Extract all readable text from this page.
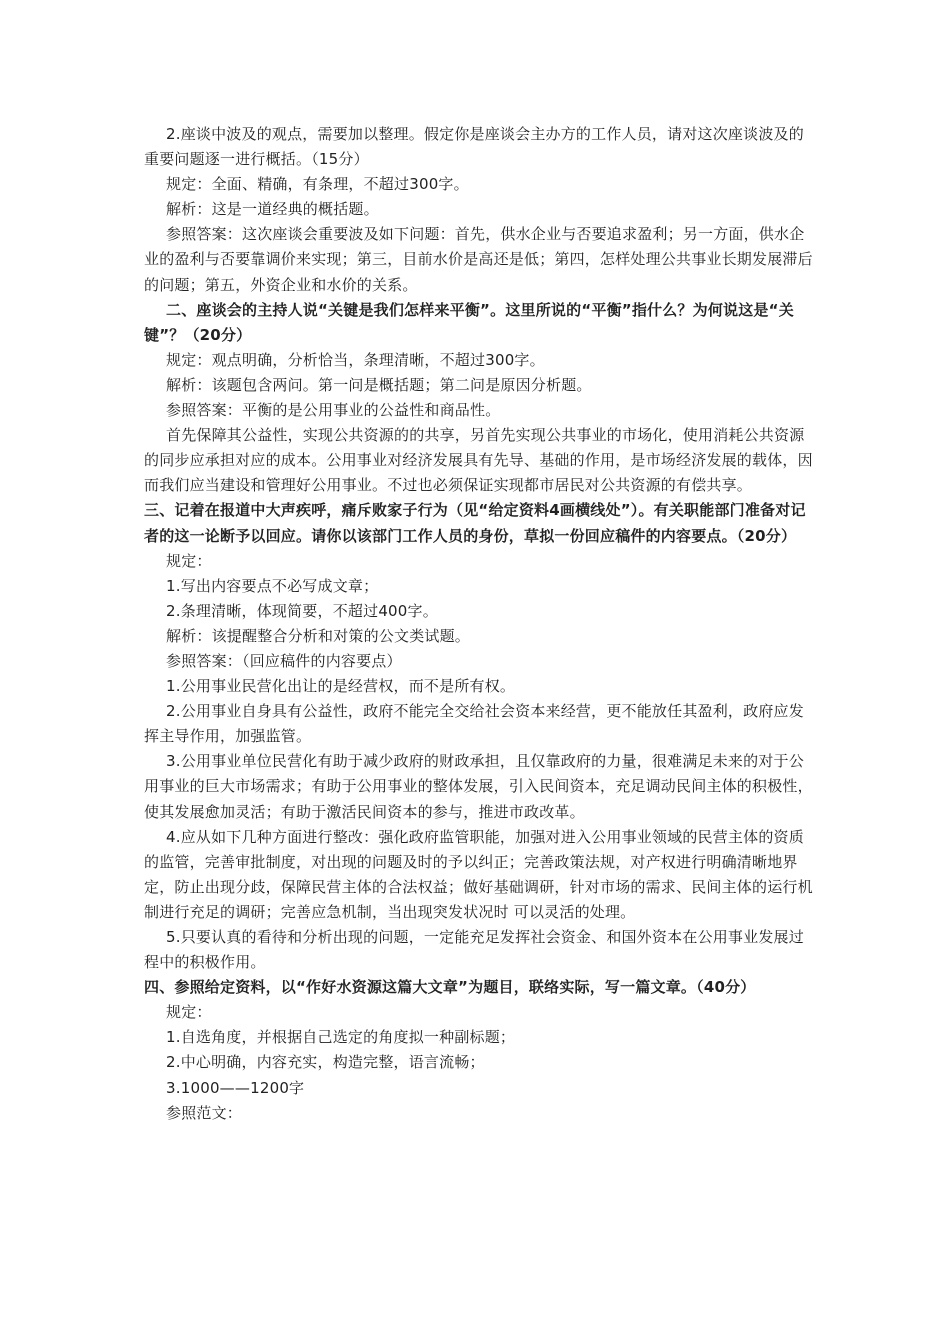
2.座谈中波及的观点，需要加以整理。假定你是座谈会主办方的工作人员，请对这次座谈波及的重要问题逐一进行概括。（15分）

规定：全面、精确，有条理，不超过300字。

解析：这是一道经典的概括题。

参照答案：这次座谈会重要波及如下问题：首先，供水企业与否要追求盈利；另一方面，供水企业的盈利与否要靠调价来实现；第三，目前水价是高还是低；第四，怎样处理公共事业长期发展滞后的问题；第五，外资企业和水价的关系。

二、座谈会的主持人说“关键是我们怎样来平衡”。这里所说的“平衡”指什么？为何说这是“关键”？（20分）

规定：观点明确，分析恰当，条理清晰，不超过300字。

解析：该题包含两问。第一问是概括题；第二问是原因分析题。

参照答案：平衡的是公用事业的公益性和商品性。

首先保障其公益性，实现公共资源的的共享，另首先实现公共事业的市场化，使用消耗公共资源的同步应承担对应的成本。公用事业对经济发展具有先导、基础的作用，是市场经济发展的载体，因而我们应当建设和管理好公用事业。不过也必须保证实现都市居民对公共资源的有偿共享。

三、记着在报道中大声疾呼，痛斥败家子行为（见“给定资料4画横线处”）。有关职能部门准备对记者的这一论断予以回应。请你以该部门工作人员的身份，草拟一份回应稿件的内容要点。（20分）

规定：

1.写出内容要点不必写成文章；

2.条理清晰，体现简要，不超过400字。

解析：该提醒整合分析和对策的公文类试题。

参照答案：（回应稿件的内容要点）

1.公用事业民营化出让的是经营权，而不是所有权。

2.公用事业自身具有公益性，政府不能完全交给社会资本来经营，更不能放任其盈利，政府应发挥主导作用，加强监管。

3.公用事业单位民营化有助于减少政府的财政承担，且仅靠政府的力量，很难满足未来的对于公用事业的巨大市场需求；有助于公用事业的整体发展，引入民间资本，充足调动民间主体的积极性，使其发展愈加灵活；有助于激活民间资本的参与，推进市政改革。

4.应从如下几种方面进行整改：强化政府监管职能，加强对进入公用事业领域的民营主体的资质的监管，完善审批制度，对出现的问题及时的予以纠正；完善政策法规，对产权进行明确清晰地界定，防止出现分歧，保障民营主体的合法权益；做好基础调研，针对市场的需求、民间主体的运行机制进行充足的调研；完善应急机制，当出现突发状况时 可以灵活的处理。

5.只要认真的看待和分析出现的问题，一定能充足发挥社会资金、和国外资本在公用事业发展过程中的积极作用。

四、参照给定资料，以“作好水资源这篇大文章”为题目，联络实际，写一篇文章。（40分）

规定：

1.自选角度，并根据自己选定的角度拟一种副标题；

2.中心明确，内容充实，构造完整，语言流畅；

3.1000——1200字

参照范文：
